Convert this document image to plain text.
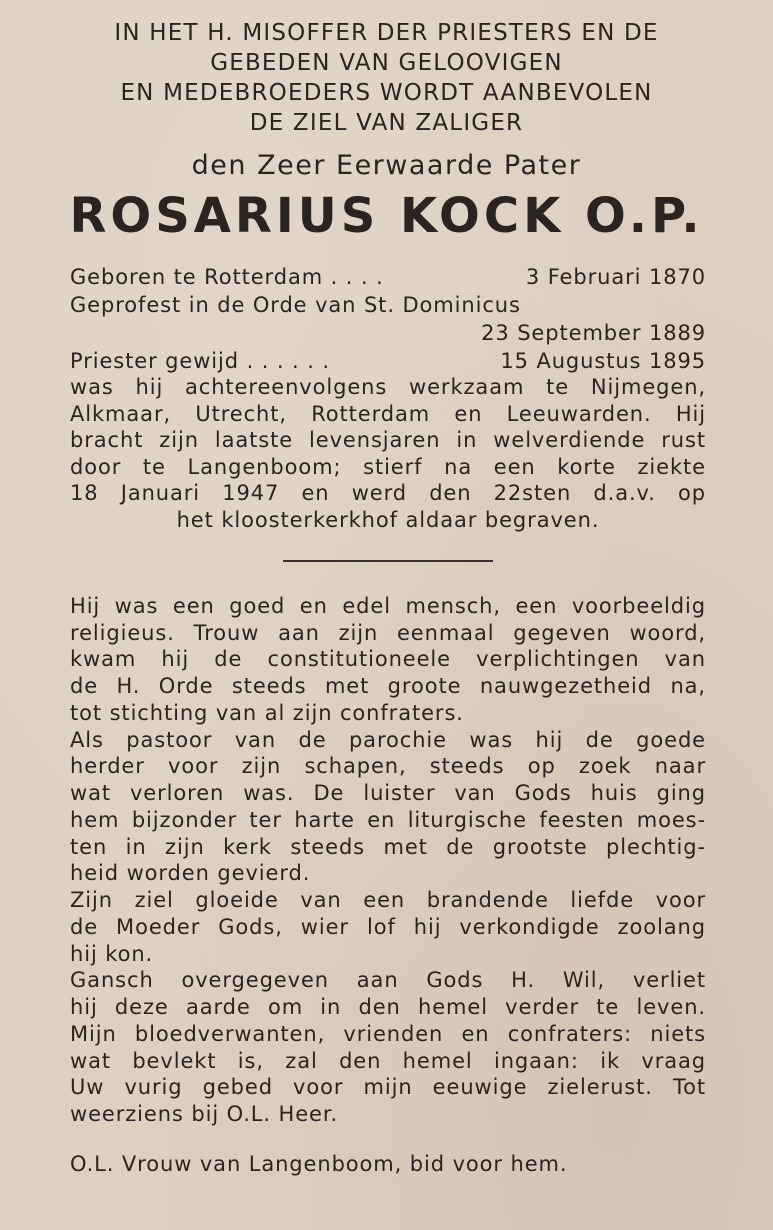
IN HET H. MISOFFER DER PRIESTERS EN DE
GEBEDEN VAN GELOOVIGEN
EN MEDEBROEDERS WORDT AANBEVOLEN
DE ZIEL VAN ZALIGER
den Zeer Eerwaarde Pater
ROSARIUS KOCK O.P.
Geboren te Rotterdam . . . .	3 Februari 1870
Geprofest in de Orde van St. Dominicus
23 September 1889
Priester gewijd . . . . . .	15 Augustus 1895
was hij achtereenvolgens werkzaam te Nijmegen,
Alkmaar, Utrecht, Rotterdam en Leeuwarden. Hij
bracht zijn laatste levensjaren in welverdiende rust
door te Langenboom; stierf na een korte ziekte
18 Januari 1947 en werd den 22sten d.a.v. op
het kloosterkerkhof aldaar begraven.
Hij was een goed en edel mensch, een voorbeeldig
religieus. Trouw aan zijn eenmaal gegeven woord,
kwam hij de constitutioneele verplichtingen van
de H. Orde steeds met groote nauwgezetheid na,
tot stichting van al zijn confraters.
Als pastoor van de parochie was hij de goede
herder voor zijn schapen, steeds op zoek naar
wat verloren was. De luister van Gods huis ging
hem bijzonder ter harte en liturgische feesten moes-
ten in zijn kerk steeds met de grootste plechtig-
heid worden gevierd.
Zijn ziel gloeide van een brandende liefde voor
de Moeder Gods, wier lof hij verkondigde zoolang
hij kon.
Gansch overgegeven aan Gods H. Wil, verliet
hij deze aarde om in den hemel verder te leven.
Mijn bloedverwanten, vrienden en confraters: niets
wat bevlekt is, zal den hemel ingaan: ik vraag
Uw vurig gebed voor mijn eeuwige zielerust. Tot
weerziens bij O.L. Heer.
O.L. Vrouw van Langenboom, bid voor hem.
